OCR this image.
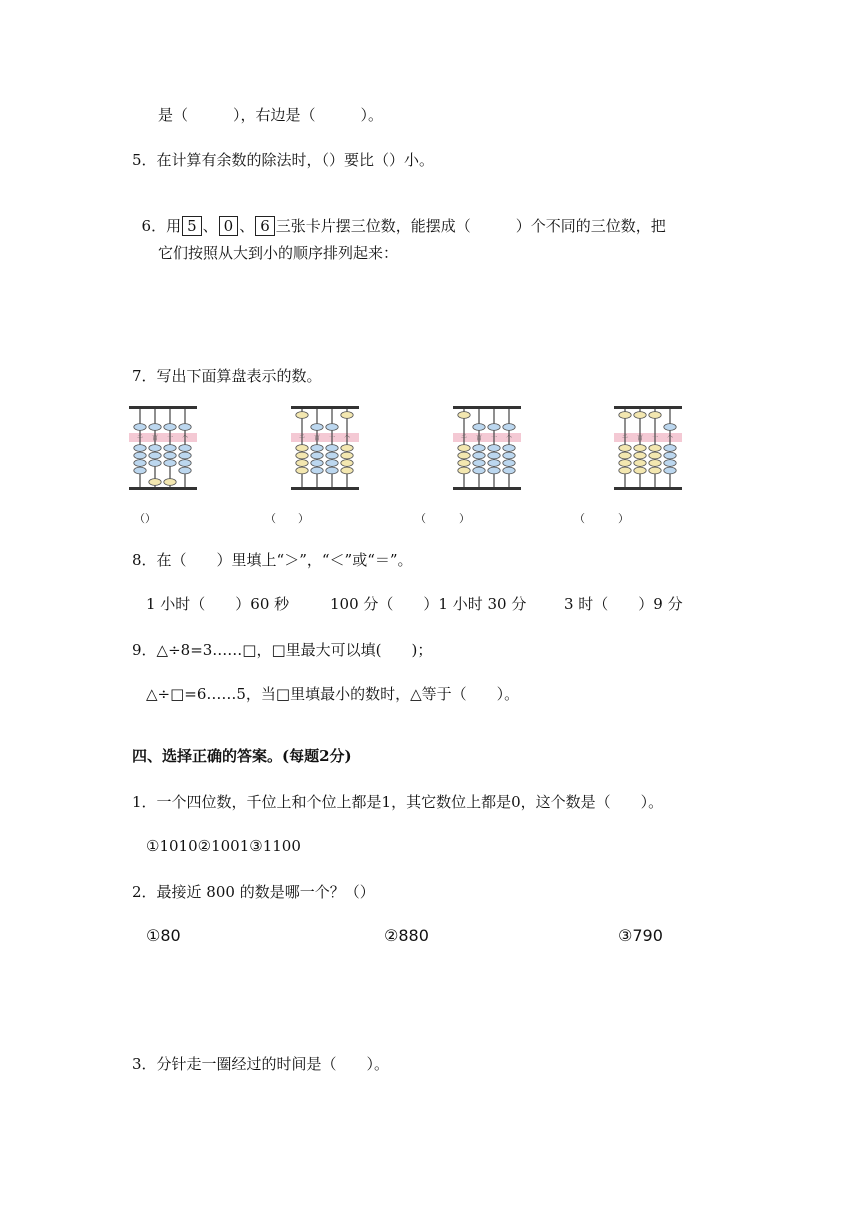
是（　　　），右边是（　　　）。
5．在计算有余数的除法时，（）要比（）小。

6．用 5 、 0 、 6 三张卡片摆三位数，能摆成（　　　）个不同的三位数，把

它们按照从大到小的顺序排列起来：
7．写出下面算盘表示的数。
千 百 十 个	千 百 十 个	千 百 十 个	千 百 十 个
（）	（　　）	（　　　）	（　　　）
8．在（　　）里填上“＞”，“＜”或“＝”。
1 小时（　　）60 秒	100 分（　　）1 小时 30 分	3 时（　　）9 分
9．△÷8=3……□，□里最大可以填(　　)；
△÷□=6……5，当□里填最小的数时，△等于（　　）。
四、选择正确的答案。(每题2分)
1．一个四位数，千位上和个位上都是1，其它数位上都是0，这个数是（　　）。
①1010②1001③1100
2．最接近 800 的数是哪一个？（）
①80	②880	③790
3．分针走一圈经过的时间是（　　）。
